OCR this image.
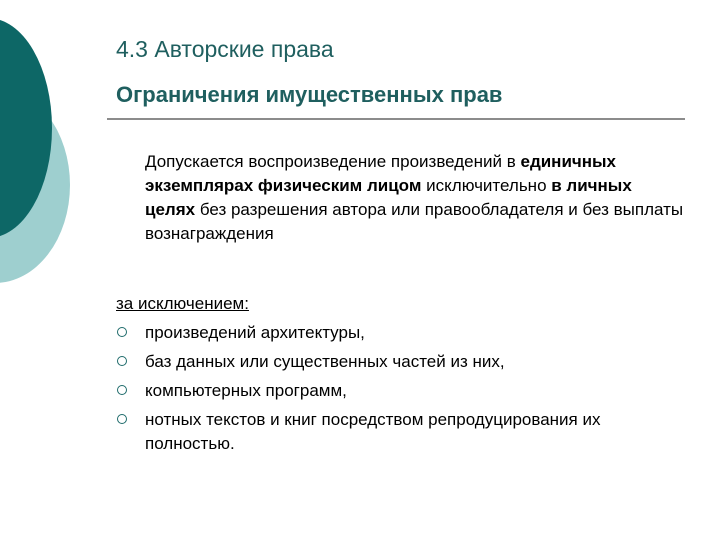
4.3 Авторские права
Ограничения имущественных прав
Допускается воспроизведение произведений в единичных экземплярах физическим лицом исключительно в личных целях без разрешения автора или правообладателя и без выплаты вознаграждения
за исключением:
произведений архитектуры,
баз данных или существенных частей из них,
компьютерных программ,
нотных текстов и книг посредством репродуцирования их полностью.
